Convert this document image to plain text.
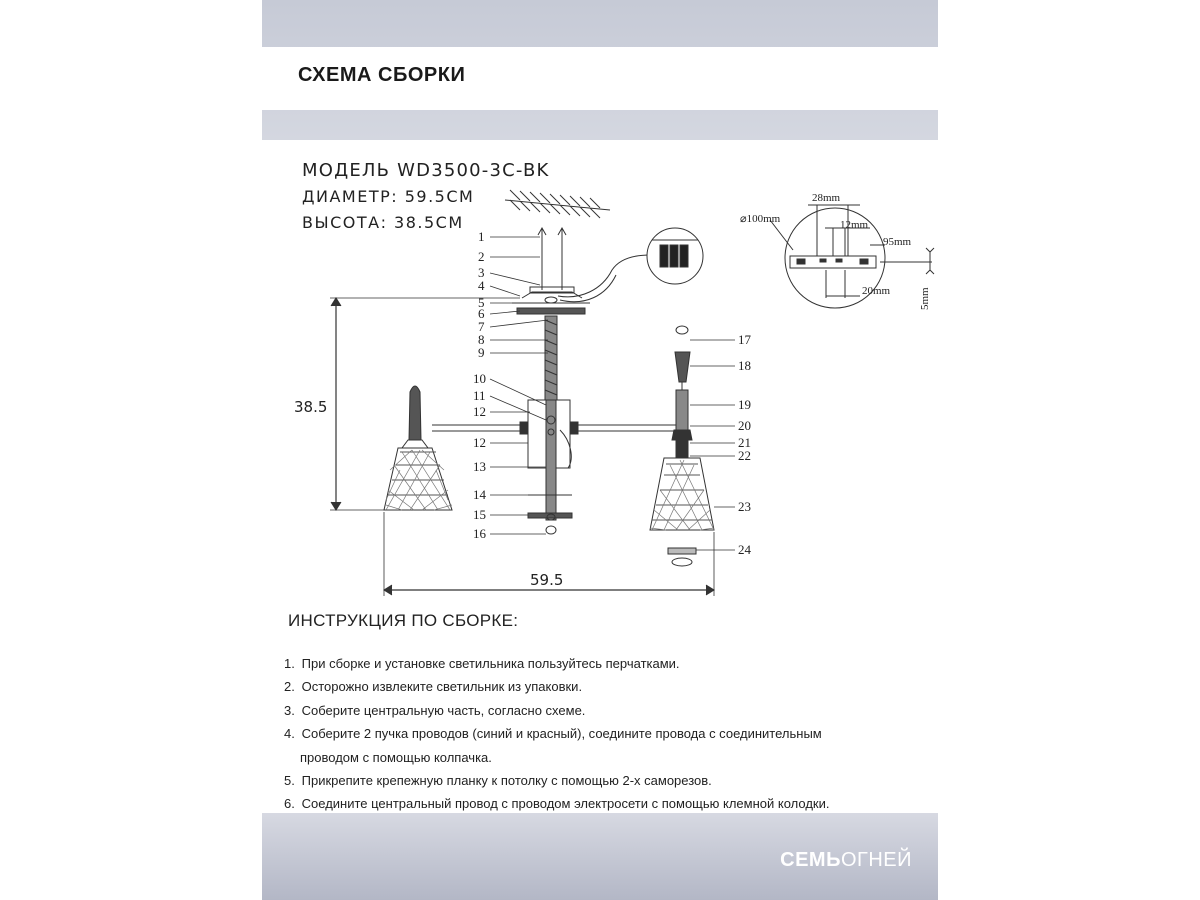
СХЕМА СБОРКИ
МОДЕЛЬ WD3500-3C-BK
ДИАМЕТР: 59.5СМ
ВЫСОТА: 38.5СМ
1
2
3
4
5
6
7
8
9
10
11
12
12
13
14
15
16
17
18
19
20
21
22
23
24
38.5
59.5
⌀100mm
28mm
12mm
95mm
20mm	5mm
ИНСТРУКЦИЯ ПО СБОРКЕ:
1. При сборке и установке светильника пользуйтесь перчатками.
2. Осторожно извлеките светильник из упаковки.
3. Соберите центральную часть, согласно схеме.
4. Соберите 2 пучка проводов (синий и красный), соедините провода с соединительным
проводом с помощью колпачка.
5. Прикрепите крепежную планку к потолку с помощью 2-х саморезов.
6. Соедините центральный провод с проводом электросети с помощью клемной колодки.
СЕМЬОГНЕЙ
